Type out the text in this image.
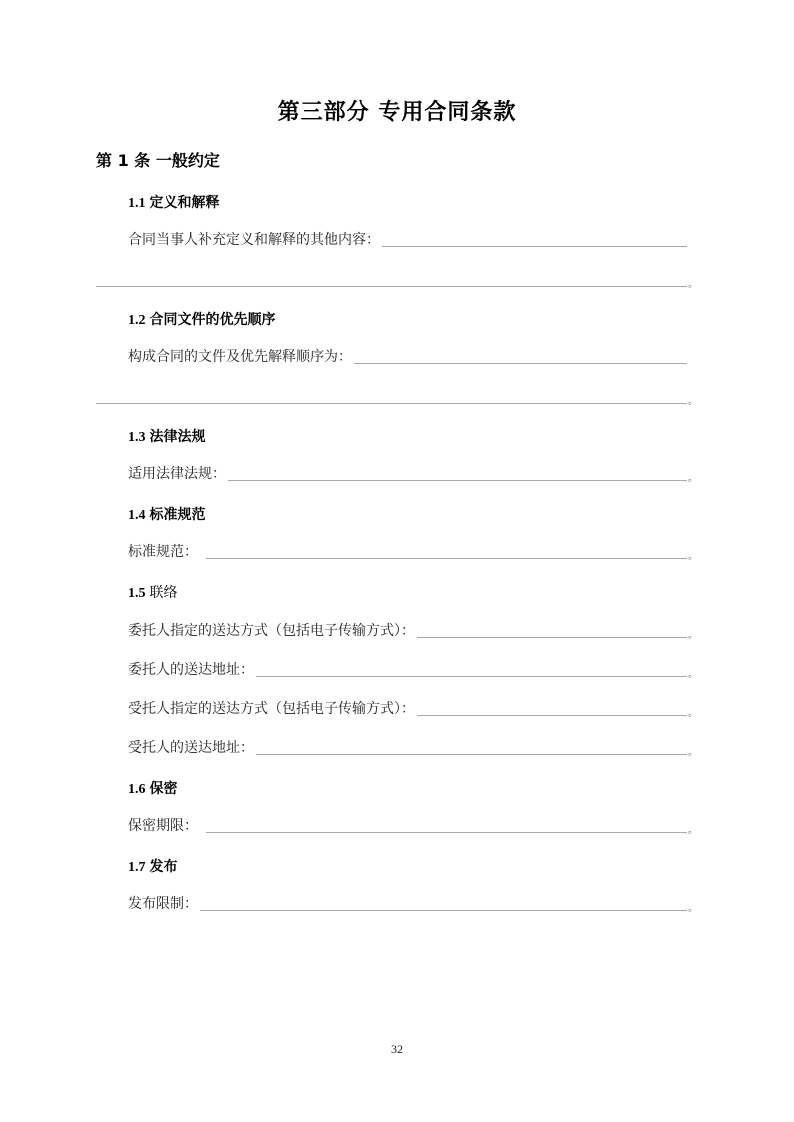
第三部分 专用合同条款
第 1 条 一般约定
1.1 定义和解释
合同当事人补充定义和解释的其他内容：
。
1.2 合同文件的优先顺序
构成合同的文件及优先解释顺序为：
。
1.3 法律法规
适用法律法规：	。
1.4 标准规范
标准规范：	。
1.5 联络
委托人指定的送达方式（包括电子传输方式）：	。
委托人的送达地址：	。
受托人指定的送达方式（包括电子传输方式）：	。
受托人的送达地址：	。
1.6 保密
保密期限：	。
1.7 发布
发布限制：	。
32
